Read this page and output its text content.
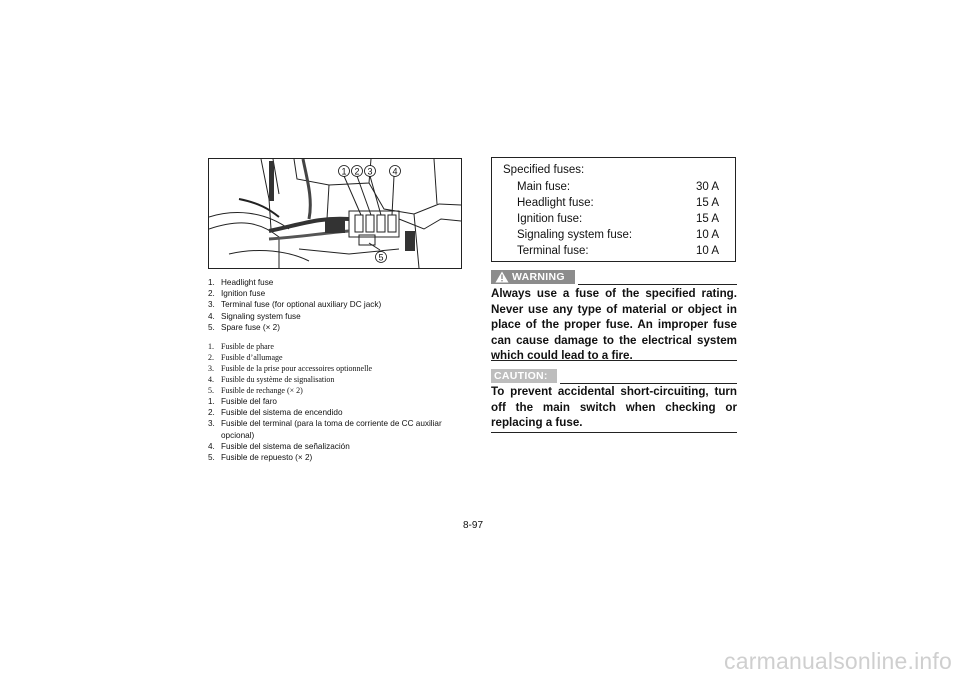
1 2 3 4
5
1. Headlight fuse
2. Ignition fuse
3. Terminal fuse (for optional auxiliary DC jack)
4. Signaling system fuse
5. Spare fuse (× 2)
1. Fusible de phare
2. Fusible d’allumage
3. Fusible de la prise pour accessoires optionnelle
4. Fusible du système de signalisation
5. Fusible de rechange (× 2)
1. Fusible del faro
2. Fusible del sistema de encendido
3. Fusible del terminal (para la toma de corriente de CC auxiliar opcional)
4. Fusible del sistema de señalización
5. Fusible de repuesto (× 2)
Specified fuses:
Main fuse:	30 A
Headlight fuse:	15 A
Ignition fuse:	15 A
Signaling system fuse:	10 A
Terminal fuse:	10 A
WARNING

Always use a fuse of the specified rating. Never use any type of material or object in place of the proper fuse. An improper fuse can cause damage to the electrical system which could lead to a fire.

CAUTION:

To prevent accidental short-circuiting, turn off the main switch when checking or replacing a fuse.

8-97
carmanualsonline.info
